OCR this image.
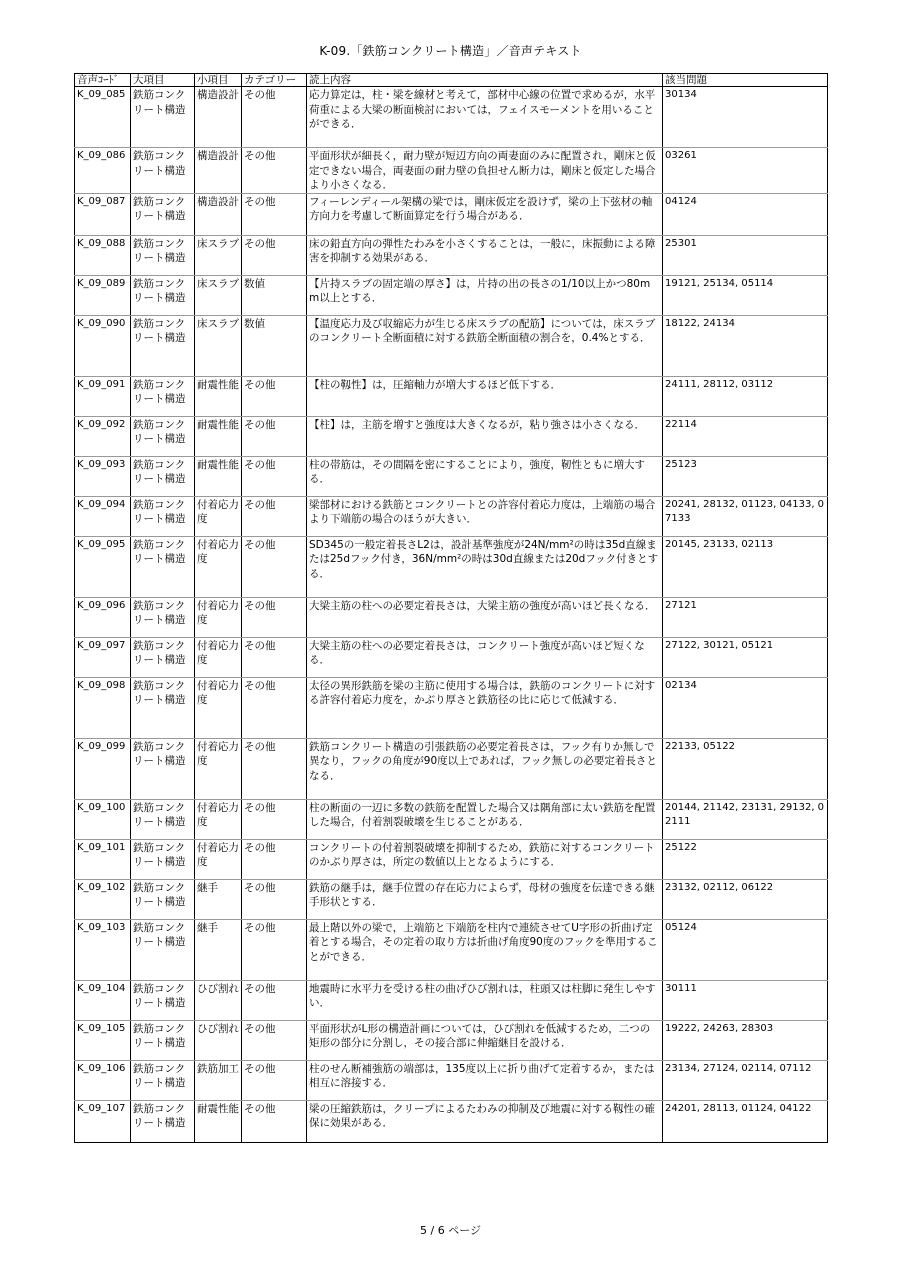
K-09.「鉄筋コンクリート構造」／音声テキスト
音声ｺｰﾄﾞ	大項目	小項目	カテゴリー	読上内容	該当問題
K_09_085	鉄筋コンクリート構造	構造設計	その他	応力算定は，柱・梁を線材と考えて，部材中心線の位置で求めるが，水平荷重による大梁の断面検討においては，フェイスモーメントを用いることができる．	30134
K_09_086	鉄筋コンクリート構造	構造設計	その他	平面形状が細長く，耐力壁が短辺方向の両妻面のみに配置され，剛床と仮定できない場合，両妻面の耐力壁の負担せん断力は，剛床と仮定した場合より小さくなる．	03261
K_09_087	鉄筋コンクリート構造	構造設計	その他	フィーレンディール架構の梁では，剛床仮定を設けず，梁の上下弦材の軸方向力を考慮して断面算定を行う場合がある．	04124
K_09_088	鉄筋コンクリート構造	床スラブ	その他	床の鉛直方向の弾性たわみを小さくすることは，一般に，床振動による障害を抑制する効果がある．	25301
K_09_089	鉄筋コンクリート構造	床スラブ	数値	【片持スラブの固定端の厚さ】は，片持の出の長さの1/10以上かつ80mm以上とする．	19121, 25134, 05114
K_09_090	鉄筋コンクリート構造	床スラブ	数値	【温度応力及び収縮応力が生じる床スラブの配筋】については，床スラブのコンクリート全断面積に対する鉄筋全断面積の割合を，0.4%とする．	18122, 24134
K_09_091	鉄筋コンクリート構造	耐震性能	その他	【柱の靱性】は，圧縮軸力が増大するほど低下する．	24111, 28112, 03112
K_09_092	鉄筋コンクリート構造	耐震性能	その他	【柱】は，主筋を増すと強度は大きくなるが，粘り強さは小さくなる．	22114
K_09_093	鉄筋コンクリート構造	耐震性能	その他	柱の帯筋は，その間隔を密にすることにより，強度，靭性ともに増大する．	25123
K_09_094	鉄筋コンクリート構造	付着応力度	その他	梁部材における鉄筋とコンクリートとの許容付着応力度は，上端筋の場合より下端筋の場合のほうが大きい．	20241, 28132, 01123, 04133, 07133
K_09_095	鉄筋コンクリート構造	付着応力度	その他	SD345の一般定着長さL2は，設計基準強度が24N/mm²の時は35d直線または25dフック付き，36N/mm²の時は30d直線または20dフック付きとする．	20145, 23133, 02113
K_09_096	鉄筋コンクリート構造	付着応力度	その他	大梁主筋の柱への必要定着長さは，大梁主筋の強度が高いほど長くなる．	27121
K_09_097	鉄筋コンクリート構造	付着応力度	その他	大梁主筋の柱への必要定着長さは，コンクリート強度が高いほど短くなる．	27122, 30121, 05121
K_09_098	鉄筋コンクリート構造	付着応力度	その他	太径の異形鉄筋を梁の主筋に使用する場合は，鉄筋のコンクリートに対する許容付着応力度を，かぶり厚さと鉄筋径の比に応じて低減する．	02134
K_09_099	鉄筋コンクリート構造	付着応力度	その他	鉄筋コンクリート構造の引張鉄筋の必要定着長さは，フック有りか無しで異なり，フックの角度が90度以上であれば，フック無しの必要定着長さとなる．	22133, 05122
K_09_100	鉄筋コンクリート構造	付着応力度	その他	柱の断面の一辺に多数の鉄筋を配置した場合又は隅角部に太い鉄筋を配置した場合，付着割裂破壊を生じることがある．	20144, 21142, 23131, 29132, 02111
K_09_101	鉄筋コンクリート構造	付着応力度	その他	コンクリートの付着割裂破壊を抑制するため，鉄筋に対するコンクリートのかぶり厚さは，所定の数値以上となるようにする．	25122
K_09_102	鉄筋コンクリート構造	継手	その他	鉄筋の継手は，継手位置の存在応力によらず，母材の強度を伝達できる継手形状とする．	23132, 02112, 06122
K_09_103	鉄筋コンクリート構造	継手	その他	最上階以外の梁で，上端筋と下端筋を柱内で連続させてU字形の折曲げ定着とする場合，その定着の取り方は折曲げ角度90度のフックを準用することができる．	05124
K_09_104	鉄筋コンクリート構造	ひび割れ	その他	地震時に水平力を受ける柱の曲げひび割れは，柱頭又は柱脚に発生しやすい．	30111
K_09_105	鉄筋コンクリート構造	ひび割れ	その他	平面形状がL形の構造計画については，ひび割れを低減するため，二つの矩形の部分に分割し，その接合部に伸縮継目を設ける．	19222, 24263, 28303
K_09_106	鉄筋コンクリート構造	鉄筋加工	その他	柱のせん断補強筋の端部は，135度以上に折り曲げて定着するか，または相互に溶接する．	23134, 27124, 02114, 07112
K_09_107	鉄筋コンクリート構造	耐震性能	その他	梁の圧縮鉄筋は，クリープによるたわみの抑制及び地震に対する靱性の確保に効果がある．	24201, 28113, 01124, 04122
5 / 6 ページ
